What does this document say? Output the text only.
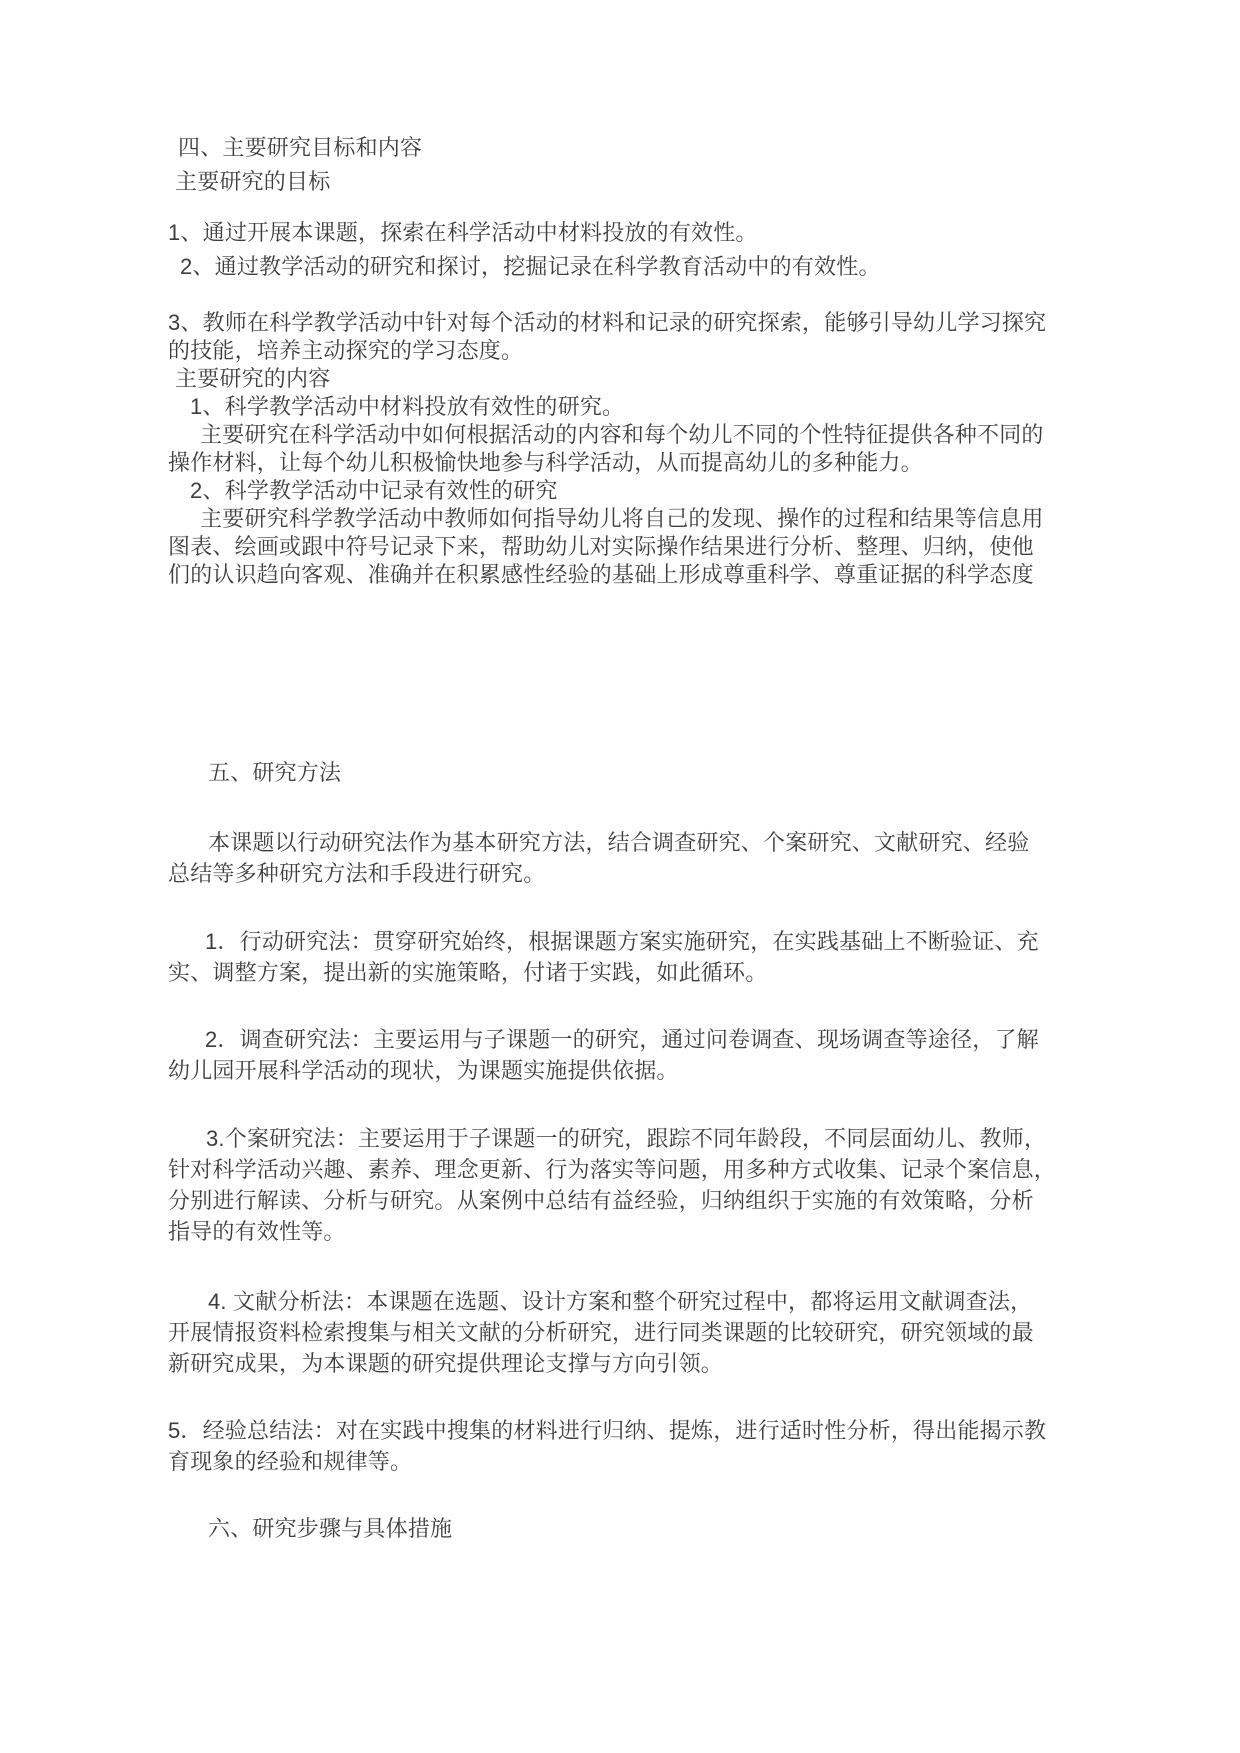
四、主要研究目标和内容
主要研究的目标
1、通过开展本课题，探索在科学活动中材料投放的有效性。
2、通过教学活动的研究和探讨，挖掘记录在科学教育活动中的有效性。
3、教师在科学教学活动中针对每个活动的材料和记录的研究探索，能够引导幼儿学习探究
的技能，培养主动探究的学习态度。
主要研究的内容
1、科学教学活动中材料投放有效性的研究。
主要研究在科学活动中如何根据活动的内容和每个幼儿不同的个性特征提供各种不同的
操作材料，让每个幼儿积极愉快地参与科学活动，从而提高幼儿的多种能力。
2、科学教学活动中记录有效性的研究
主要研究科学教学活动中教师如何指导幼儿将自己的发现、操作的过程和结果等信息用
图表、绘画或跟中符号记录下来，帮助幼儿对实际操作结果进行分析、整理、归纳，使他
们的认识趋向客观、准确并在积累感性经验的基础上形成尊重科学、尊重证据的科学态度
五、研究方法
本课题以行动研究法作为基本研究方法，结合调查研究、个案研究、文献研究、经验
总结等多种研究方法和手段进行研究。
1．行动研究法：贯穿研究始终，根据课题方案实施研究，在实践基础上不断验证、充
实、调整方案，提出新的实施策略，付诸于实践，如此循环。
2．调查研究法：主要运用与子课题一的研究，通过问卷调查、现场调查等途径，了解
幼儿园开展科学活动的现状，为课题实施提供依据。
3.个案研究法：主要运用于子课题一的研究，跟踪不同年龄段，不同层面幼儿、教师，
针对科学活动兴趣、素养、理念更新、行为落实等问题，用多种方式收集、记录个案信息，
分别进行解读、分析与研究。从案例中总结有益经验，归纳组织于实施的有效策略，分析
指导的有效性等。
4. 文献分析法：本课题在选题、设计方案和整个研究过程中，都将运用文献调查法，
开展情报资料检索搜集与相关文献的分析研究，进行同类课题的比较研究，研究领域的最
新研究成果，为本课题的研究提供理论支撑与方向引领。
5．经验总结法：对在实践中搜集的材料进行归纳、提炼，进行适时性分析，得出能揭示教
育现象的经验和规律等。
六、研究步骤与具体措施
